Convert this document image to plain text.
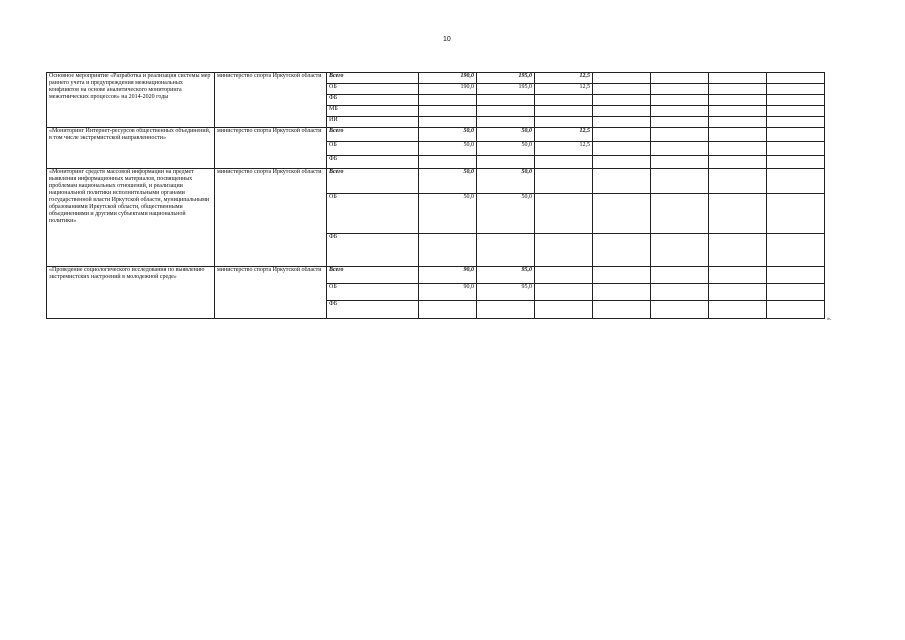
10
Основное мероприятие «Разработка и реализация системы мер раннего учета и предупреждения межнациональных конфликтов на основе аналитического мониторинга межэтнических процессов» на 2014-2020 годы	министерство спорта Иркутской области	Всего	190,0	195,0	12,5				
		ОБ	190,0	195,0	12,5				
		ФБ							
		МБ							
		ИИ							
«Мониторинг Интернет-ресурсов общественных объединений, в том числе экстремистской направленности»	министерство спорта Иркутской области	Всего	50,0	50,0	12,5				
		ОБ	50,0	50,0	12,5				
		ФБ							
«Мониторинг средств массовой информации на предмет выявления информационных материалов, посвященных проблемам национальных отношений, и реализации национальной политики исполнительными органами государственной власти Иркутской области, муниципальными образованиями Иркутской области, общественными объединениями и другими субъектами национальной политики»	министерство спорта Иркутской области	Всего	50,0	50,0					
		ОБ	50,0	50,0					
		ФБ							
«Проведение социологического исследования по выявлению экстремистских настроений в молодежной среде»	министерство спорта Иркутской области	Всего	90,0	95,0					
		ОБ	90,0	95,0					
		ФБ							
».
